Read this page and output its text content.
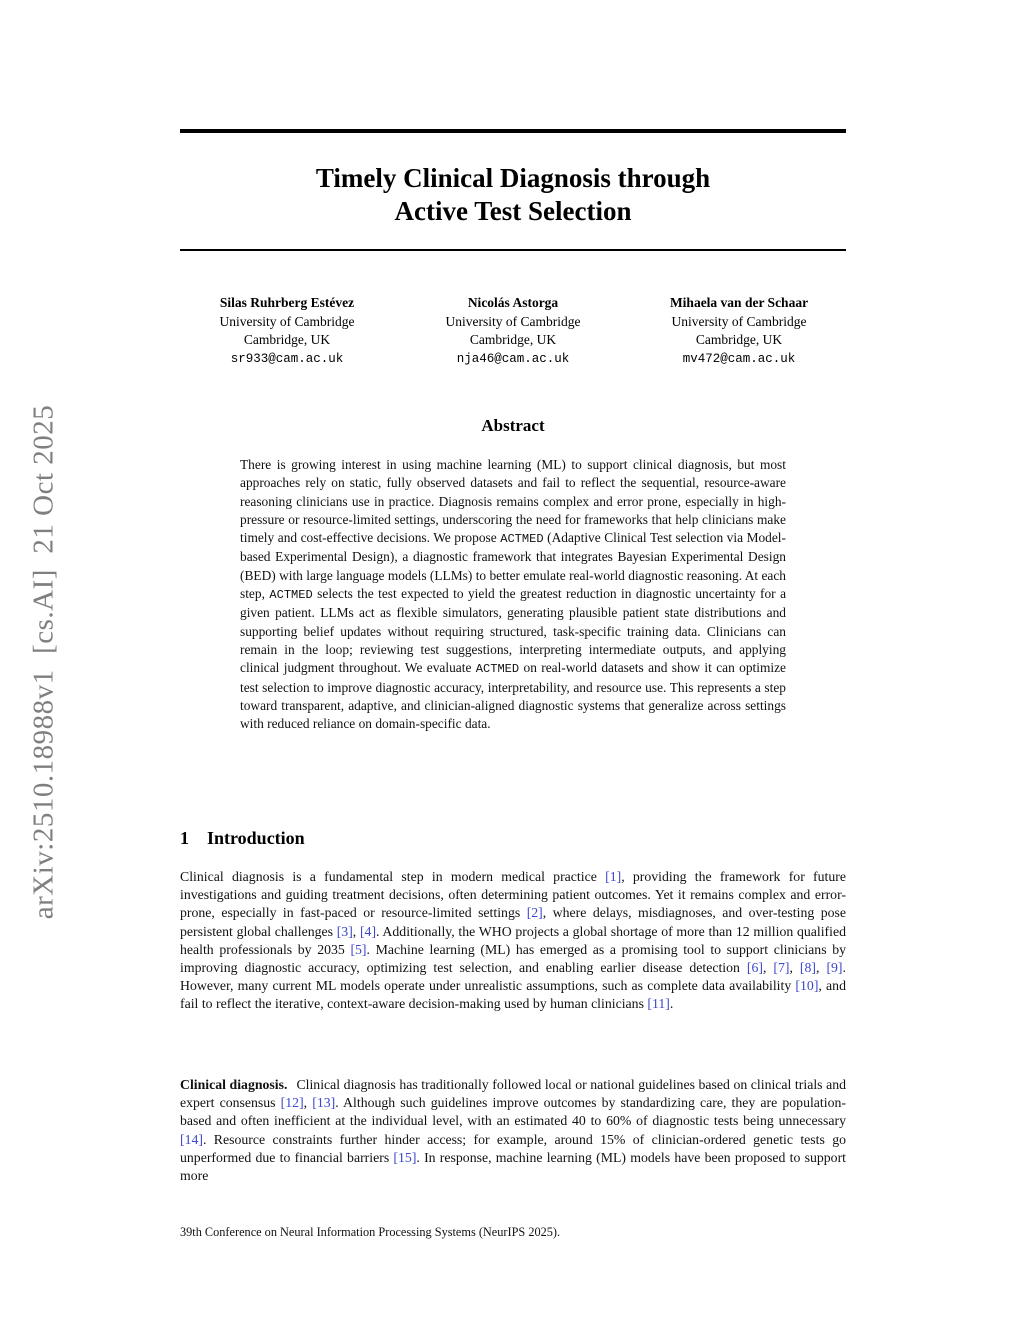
arXiv:2510.18988v1  [cs.AI]  21 Oct 2025
Timely Clinical Diagnosis through
Active Test Selection
Silas Ruhrberg Estévez
University of Cambridge
Cambridge, UK
sr933@cam.ac.uk
Nicolás Astorga
University of Cambridge
Cambridge, UK
nja46@cam.ac.uk
Mihaela van der Schaar
University of Cambridge
Cambridge, UK
mv472@cam.ac.uk
Abstract

There is growing interest in using machine learning (ML) to support clinical diagnosis, but most approaches rely on static, fully observed datasets and fail to reflect the sequential, resource-aware reasoning clinicians use in practice. Diagnosis remains complex and error prone, especially in high-pressure or resource-limited settings, underscoring the need for frameworks that help clinicians make timely and cost-effective decisions. We propose ACTMED (Adaptive Clinical Test selection via Model-based Experimental Design), a diagnostic framework that integrates Bayesian Experimental Design (BED) with large language models (LLMs) to better emulate real-world diagnostic reasoning. At each step, ACTMED selects the test expected to yield the greatest reduction in diagnostic uncertainty for a given patient. LLMs act as flexible simulators, generating plausible patient state distributions and supporting belief updates without requiring structured, task-specific training data. Clinicians can remain in the loop; reviewing test suggestions, interpreting intermediate outputs, and applying clinical judgment throughout. We evaluate ACTMED on real-world datasets and show it can optimize test selection to improve diagnostic accuracy, interpretability, and resource use. This represents a step toward transparent, adaptive, and clinician-aligned diagnostic systems that generalize across settings with reduced reliance on domain-specific data.

1 Introduction

Clinical diagnosis is a fundamental step in modern medical practice [1], providing the framework for future investigations and guiding treatment decisions, often determining patient outcomes. Yet it remains complex and error-prone, especially in fast-paced or resource-limited settings [2], where delays, misdiagnoses, and over-testing pose persistent global challenges [3], [4]. Additionally, the WHO projects a global shortage of more than 12 million qualified health professionals by 2035 [5]. Machine learning (ML) has emerged as a promising tool to support clinicians by improving diagnostic accuracy, optimizing test selection, and enabling earlier disease detection [6], [7], [8], [9]. However, many current ML models operate under unrealistic assumptions, such as complete data availability [10], and fail to reflect the iterative, context-aware decision-making used by human clinicians [11].

Clinical diagnosis. Clinical diagnosis has traditionally followed local or national guidelines based on clinical trials and expert consensus [12], [13]. Although such guidelines improve outcomes by standardizing care, they are population-based and often inefficient at the individual level, with an estimated 40 to 60% of diagnostic tests being unnecessary [14]. Resource constraints further hinder access; for example, around 15% of clinician-ordered genetic tests go unperformed due to financial barriers [15]. In response, machine learning (ML) models have been proposed to support more

39th Conference on Neural Information Processing Systems (NeurIPS 2025).
